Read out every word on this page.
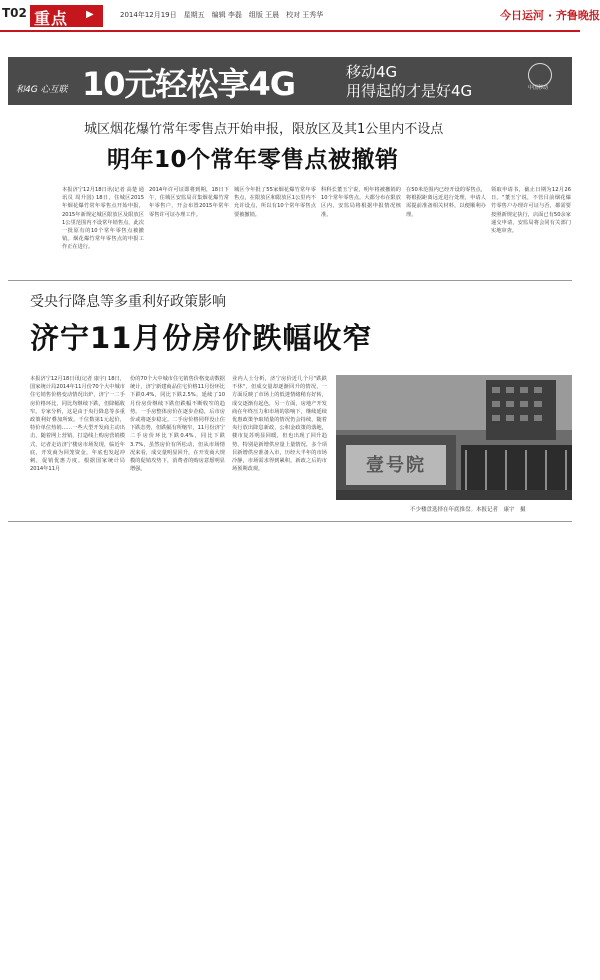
T02 重点 ▶	2014年12月19日　星期五　编辑 李磊　组版 王晨　校对 王秀华	今日运河 · 齐鲁晚报
和4G 心互联 10元轻松享4G	移动4G
用得起的才是好4G	中国移动
城区烟花爆竹常年零售点开始申报，限放区及其1公里内不设点
明年10个常年零售点被撤销
本报济宁12月18日讯(记者 高楚 通讯员 周升国) 18日，住城区2015年烟花爆竹常年零售点开始申报，2015年新规定城区限放区及限放区1公里范围内不设常年销售点，此次一批原有的10个常年零售点被撤销。烟花爆竹常年零售点的申报工作正在进行。
2014年许可证即将到期，18日下午，住城区安监局召集烟花爆竹常年零售户，开会布置2015年常年零售许可证办理工作。
城区今年批了55家烟花爆竹常年零售点，在限放区和限放区1公里内不允许设点，所以有10个常年零售点要被撤销。
科科长董玉宁说，明年将被撤销的10个常年零售点，大都分布在限放区内，安监局将根据申报情况核准。
在50米范围内已经开设的零售点，将根据距离远近进行处理，申请人需提前准备相关材料，以便顺利办理。
领取申请书，截止日期为12月26日。"董玉宁说，不管目前烟花爆竹零售户办理许可证与否，都需要按照新规定执行，店面已有50余家递交申请，安监局将会同有关部门实地审查。
受央行降息等多重利好政策影响
济宁11月份房价跌幅收窄
本报济宁12月18日讯(记者 康宇) 18日，国家统计局2014年11月份70个大中城市住宅销售价格变动情况出炉，济宁一二手房价格环比，同比均继续下跌，但降幅收窄。专家分析，这是由于央行降息等多重政策利好叠加所致。千位数第1元起价，特价单位热销……一些大型开发商主动出击，随着网上营销，打造线上购房营销模式，记者走访济宁楼房市场发现，临近年底，开发商为回笼资金，年底也发起冲刺，促销优惠力度。根据国家统计局2014年11月
份的70个大中城市住宅销售价格变动数据统计，济宁新建商品住宅价格11月份环比下跌0.4%，同比下跌2.5%，延续了10月份房价继续下跌但跌幅不断收窄的趋势。一手房整体房价在逐步企稳，后市房价或将逐步稳定。二手房价格同样没止住下跌态势，但跌幅有所缩窄，11月份济宁二手房价环比下跌0.4%，同比下跌3.7%，虽然房价有所松动，但从市场情况来看，成交量明显回升，在开发商大规模的促销攻势下，消费者的购房意愿明显增强。
业内人士分析，济宁房价近几个月"跌跌不休"，但成交量却逐渐回升的情况，一方面反映了市场上的低迷情绪稍有好转，成交逐渐有起色，另一方面，房地产开发商在年终压力和市场的影响下，继续延续优惠政策争取销量的情况仍会持续，随着央行放出降息新政，公积金政策的落地，楼市复苏明显回暖，但也出现了回升趋势，特别是新增供应量上量情况，多个项目新增供应准备入市，历经大半年的市场冷静，市场需求得到累积，新政之后的市场预期改观。	壹号院
不少楼盘选择在年底推盘。本报记者　康宇　摄
